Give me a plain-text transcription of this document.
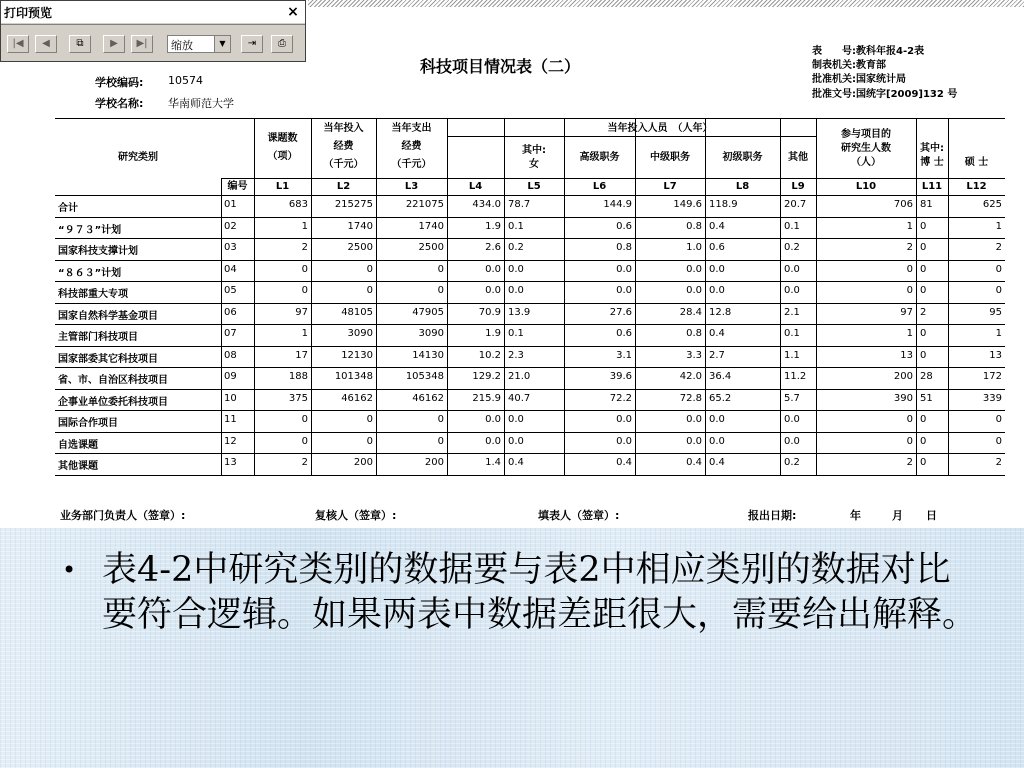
打印预览	×
|◀	◀	⧉	▶	▶|	缩放	▼	⇥	⎙
学校编码: 10574
学校名称: 华南师范大学
科技项目情况表（二）
表　　号:教科年报4-2表
制表机关:教育部
批准机关:国家统计局
批准文号:国统字[2009]132 号
研究类别
课题数
（项）
当年投入
经费
（千元）
当年支出
经费
（千元）
当年投入人员　（人年）
其中:
女
高级职务	中级职务	初级职务	其他
参与项目的
研究生人数
（人）
其中:
博 士	硕 士
编号	L1	L2	L3	L4	L5	L6	L7	L8	L9	L10	L11	L12
合计	01	683	215275	221075	434.0 78.7	144.9	149.6 118.9	20.7	706 81	625
“９７３”计划	02	1	1740	1740	1.9 0.1	0.6	0.8 0.4	0.1	1 0	1
国家科技支撑计划	03	2	2500	2500	2.6 0.2	0.8	1.0 0.6	0.2	2 0	2
“８６３”计划	04	0	0	0	0.0 0.0	0.0	0.0 0.0	0.0	0 0	0
科技部重大专项	05	0	0	0	0.0 0.0	0.0	0.0 0.0	0.0	0 0	0
国家自然科学基金项目	06	97	48105	47905	70.9 13.9	27.6	28.4 12.8	2.1	97 2	95
主管部门科技项目	07	1	3090	3090	1.9 0.1	0.6	0.8 0.4	0.1	1 0	1
国家部委其它科技项目	08	17	12130	14130	10.2 2.3	3.1	3.3 2.7	1.1	13 0	13
省、市、自治区科技项目	09	188	101348	105348	129.2 21.0	39.6	42.0 36.4	11.2	200 28	172
企事业单位委托科技项目	10	375	46162	46162	215.9 40.7	72.2	72.8 65.2	5.7	390 51	339
国际合作项目	11	0	0	0	0.0 0.0	0.0	0.0 0.0	0.0	0 0	0
自选课题	12	0	0	0	0.0 0.0	0.0	0.0 0.0	0.0	0 0	0
其他课题	13	2	200	200	1.4 0.4	0.4	0.4 0.4	0.2	2 0	2
业务部门负责人（签章）:	复核人（签章）:	填表人（签章）:	报出日期:	年	月 日
• 表4-2中研究类别的数据要与表2中相应类别的数据对比要符合逻辑。如果两表中数据差距很大，需要给出解释。
